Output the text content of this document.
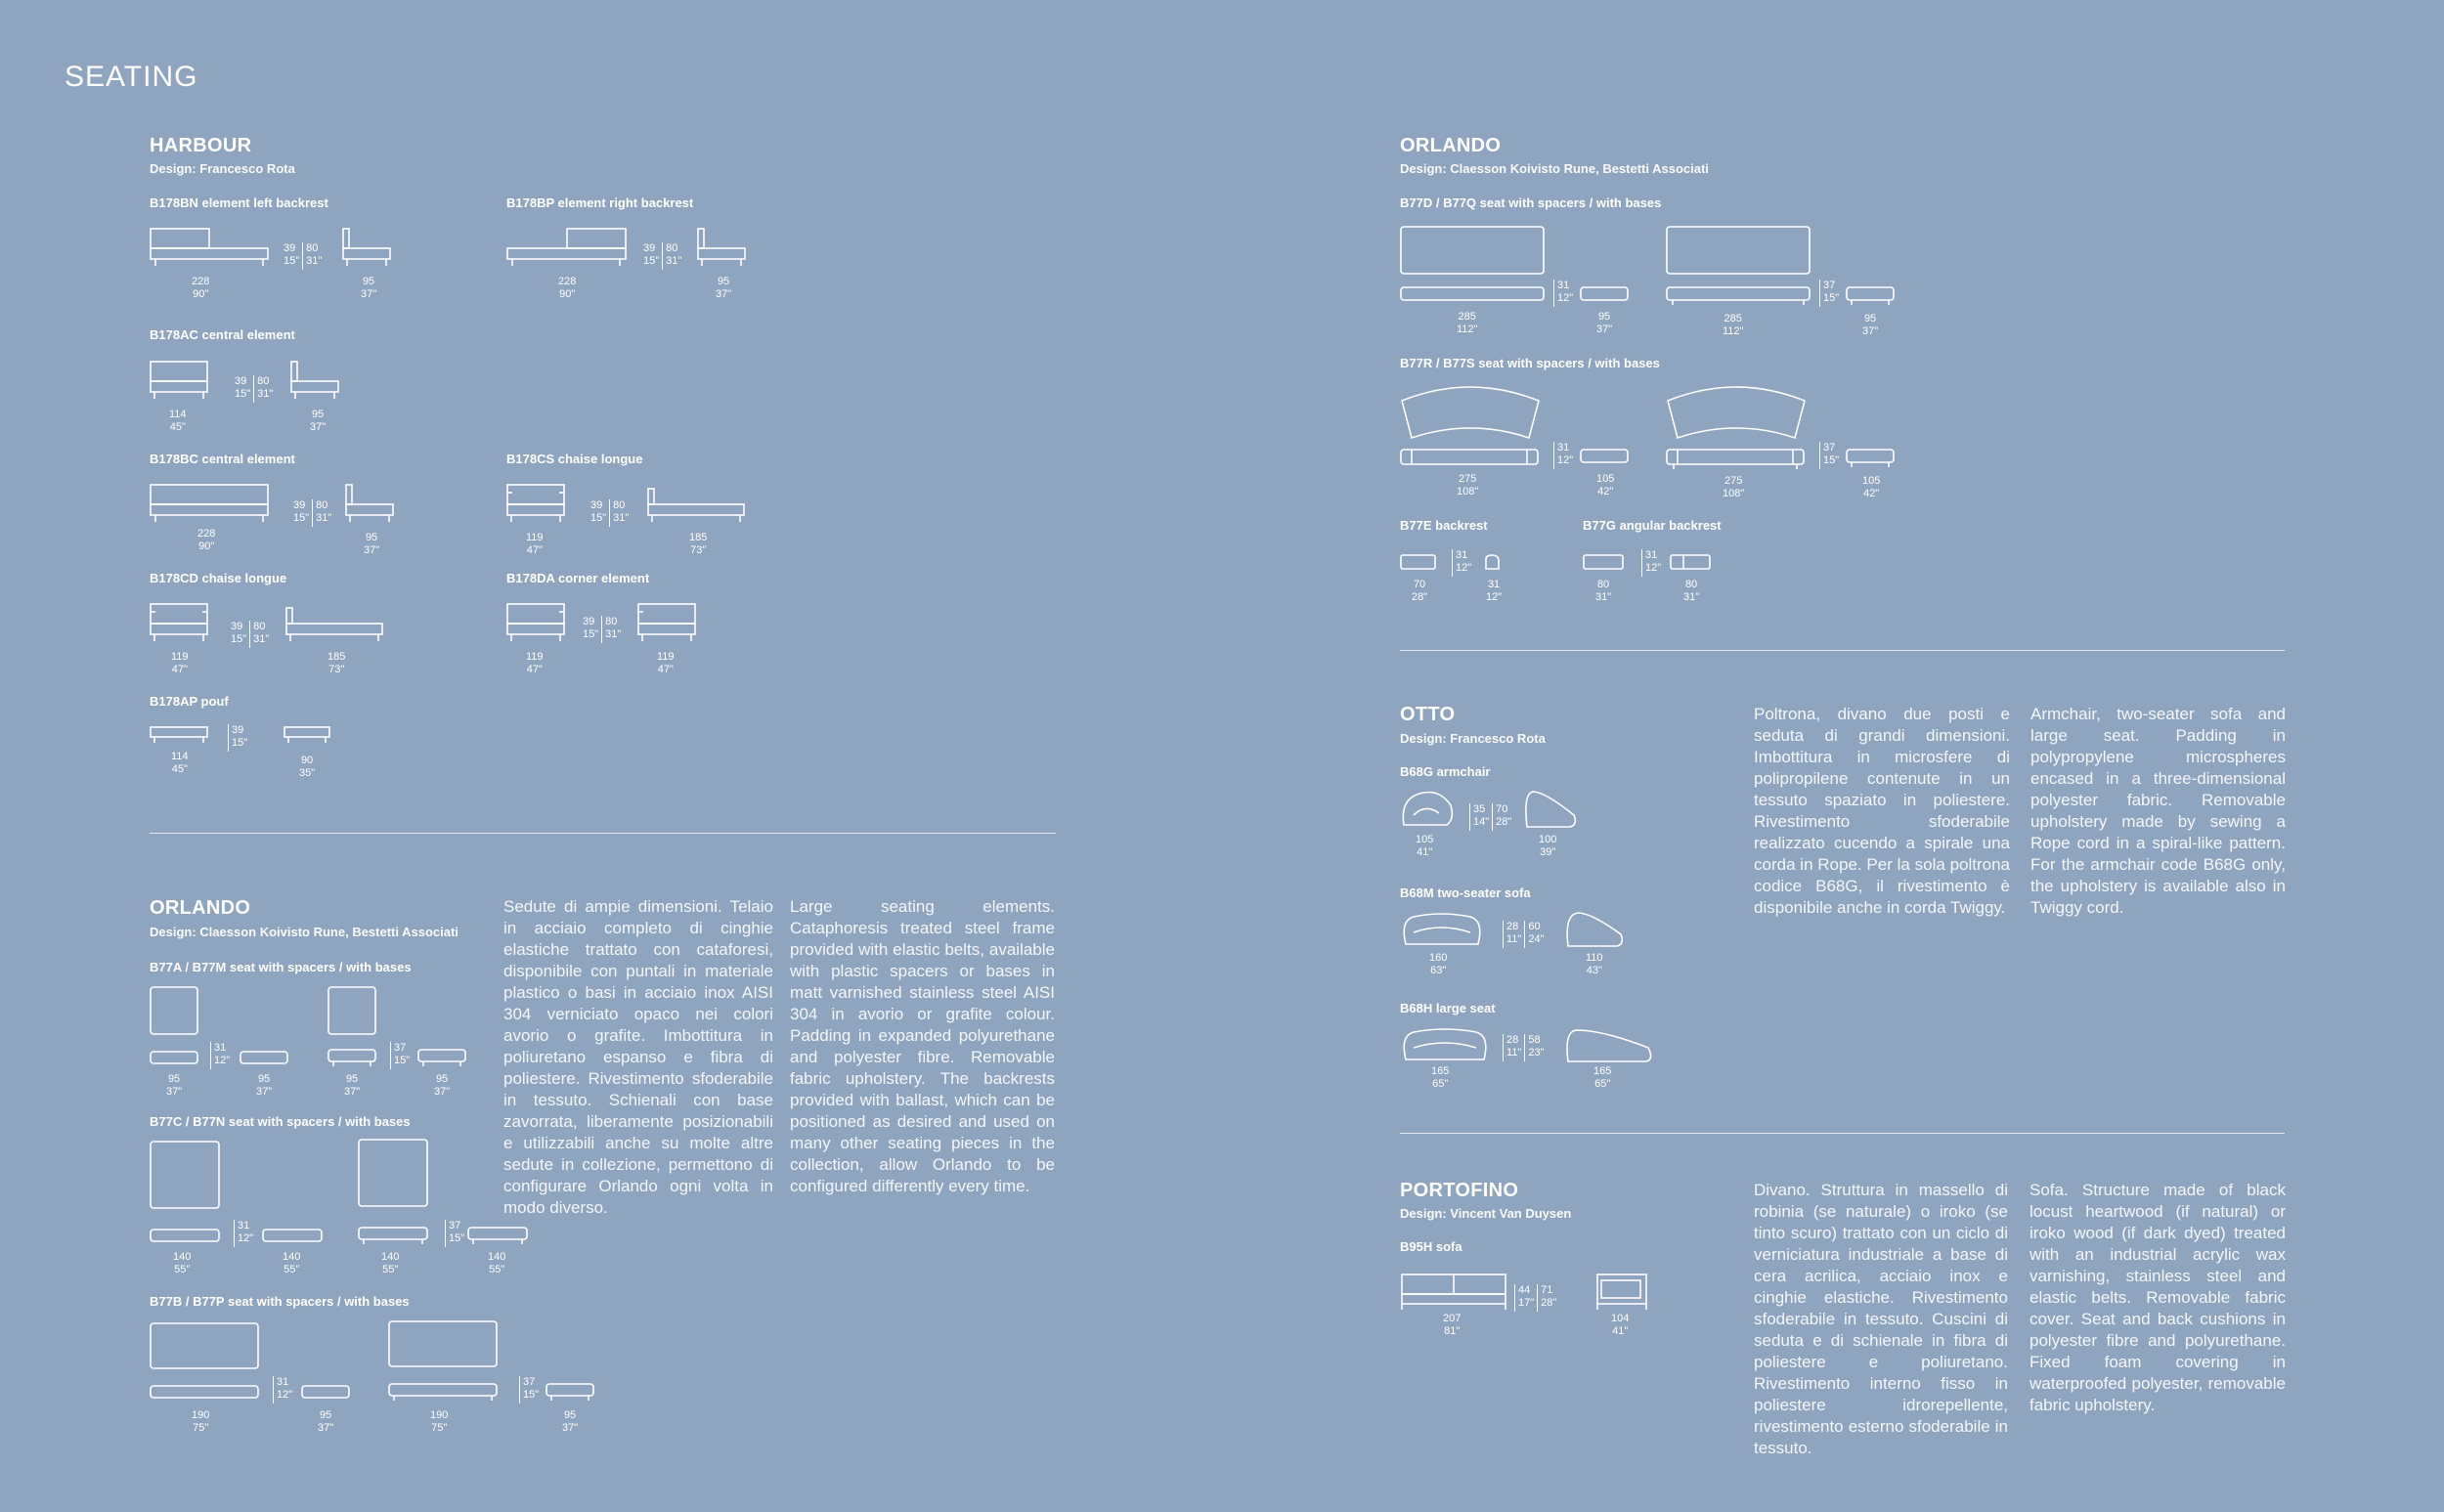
SEATING
HARBOUR
Design: Francesco Rota
B178BN element left backrest
228
90"
39
15"80
31"
95
37"
B178BP element right backrest
228
90"
39
15"80
31"
95
37"
B178AC central element
114
45"
39
15"80
31"
95
37"
B178BC central element
228
90"
39
15"80
31"
95
37"
B178CS chaise longue
119
47"
39
15"80
31"
185
73"
B178CD chaise longue
119
47"
39
15"80
31"
185
73"
B178DA corner element
119
47"
39
15"80
31"
119
47"
B178AP pouf
114
45"
39
15"
90
35"
ORLANDO
Design: Claesson Koivisto Rune, Bestetti Associati
B77A / B77M seat with spacers / with bases
95
37"
31
12"
95
37"
95
37"
37
15"
95
37"
B77C / B77N seat with spacers / with bases
140
55"
31
12"
140
55"
140
55"
37
15"
140
55"
B77B / B77P seat with spacers / with bases
190
75"
31
12"
95
37"
190
75"
37
15"
95
37"
Sedute di ampie dimensioni. Telaio in acciaio completo di cinghie elastiche trattato con cataforesi, disponibile con puntali in materiale plastico o basi in acciaio inox AISI 304 verniciato opaco nei colori avorio o grafite. Imbottitura in poliuretano espanso e fibra di poliestere. Rivestimento sfoderabile in tessuto. Schienali con base zavorrata, liberamente posizionabili e utilizzabili anche su molte altre sedute in collezione, permettono di configurare Orlando ogni volta in modo diverso.
Large seating elements. Cataphoresis treated steel frame provided with elastic belts, available with plastic spacers or bases in matt varnished stainless steel AISI 304 in avorio or grafite colour. Padding in expanded polyurethane and polyester fibre. Removable fabric upholstery. The backrests provided with ballast, which can be positioned as desired and used on many other seating pieces in the collection, allow Orlando to be configured differently every time.
ORLANDO
Design: Claesson Koivisto Rune, Bestetti Associati
B77D / B77Q seat with spacers / with bases
285
112"
31
12"
95
37"
285
112"
37
15"
95
37"
B77R / B77S seat with spacers / with bases
275
108"
31
12"
105
42"
275
108"
37
15"
105
42"
B77E backrest
70
28"
31
12"
31
12"
B77G angular backrest
80
31"
31
12"
80
31"
OTTO
Design: Francesco Rota
B68G armchair
105
41"
35
14"70
28"
100
39"
B68M two-seater sofa
160
63"
28
11"60
24"
110
43"
B68H large seat
165
65"
28
11"58
23"
165
65"
Poltrona, divano due posti e seduta di grandi dimensioni. Imbottitura in microsfere di polipropilene contenute in un tessuto spaziato in poliestere. Rivestimento sfoderabile realizzato cucendo a spirale una corda in Rope. Per la sola poltrona codice B68G, il rivestimento è disponibile anche in corda Twiggy.
Armchair, two-seater sofa and large seat. Padding in polypropylene microspheres encased in a three-dimensional polyester fabric. Removable upholstery made by sewing a Rope cord in a spiral-like pattern. For the armchair code B68G only, the upholstery is available also in Twiggy cord.
PORTOFINO
Design: Vincent Van Duysen
B95H sofa
207
81"
44
17"71
28"
104
41"
Divano. Struttura in massello di robinia (se naturale) o iroko (se tinto scuro) trattato con un ciclo di verniciatura industriale a base di cera acrilica, acciaio inox e cinghie elastiche. Rivestimento sfoderabile in tessuto. Cuscini di seduta e di schienale in fibra di poliestere e poliuretano. Rivestimento interno fisso in poliestere idrorepellente, rivestimento esterno sfoderabile in tessuto.
Sofa. Structure made of black locust heartwood (if natural) or iroko wood (if dark dyed) treated with an industrial acrylic wax varnishing, stainless steel and elastic belts. Removable fabric cover. Seat and back cushions in polyester fibre and polyurethane. Fixed foam covering in waterproofed polyester, removable fabric upholstery.
